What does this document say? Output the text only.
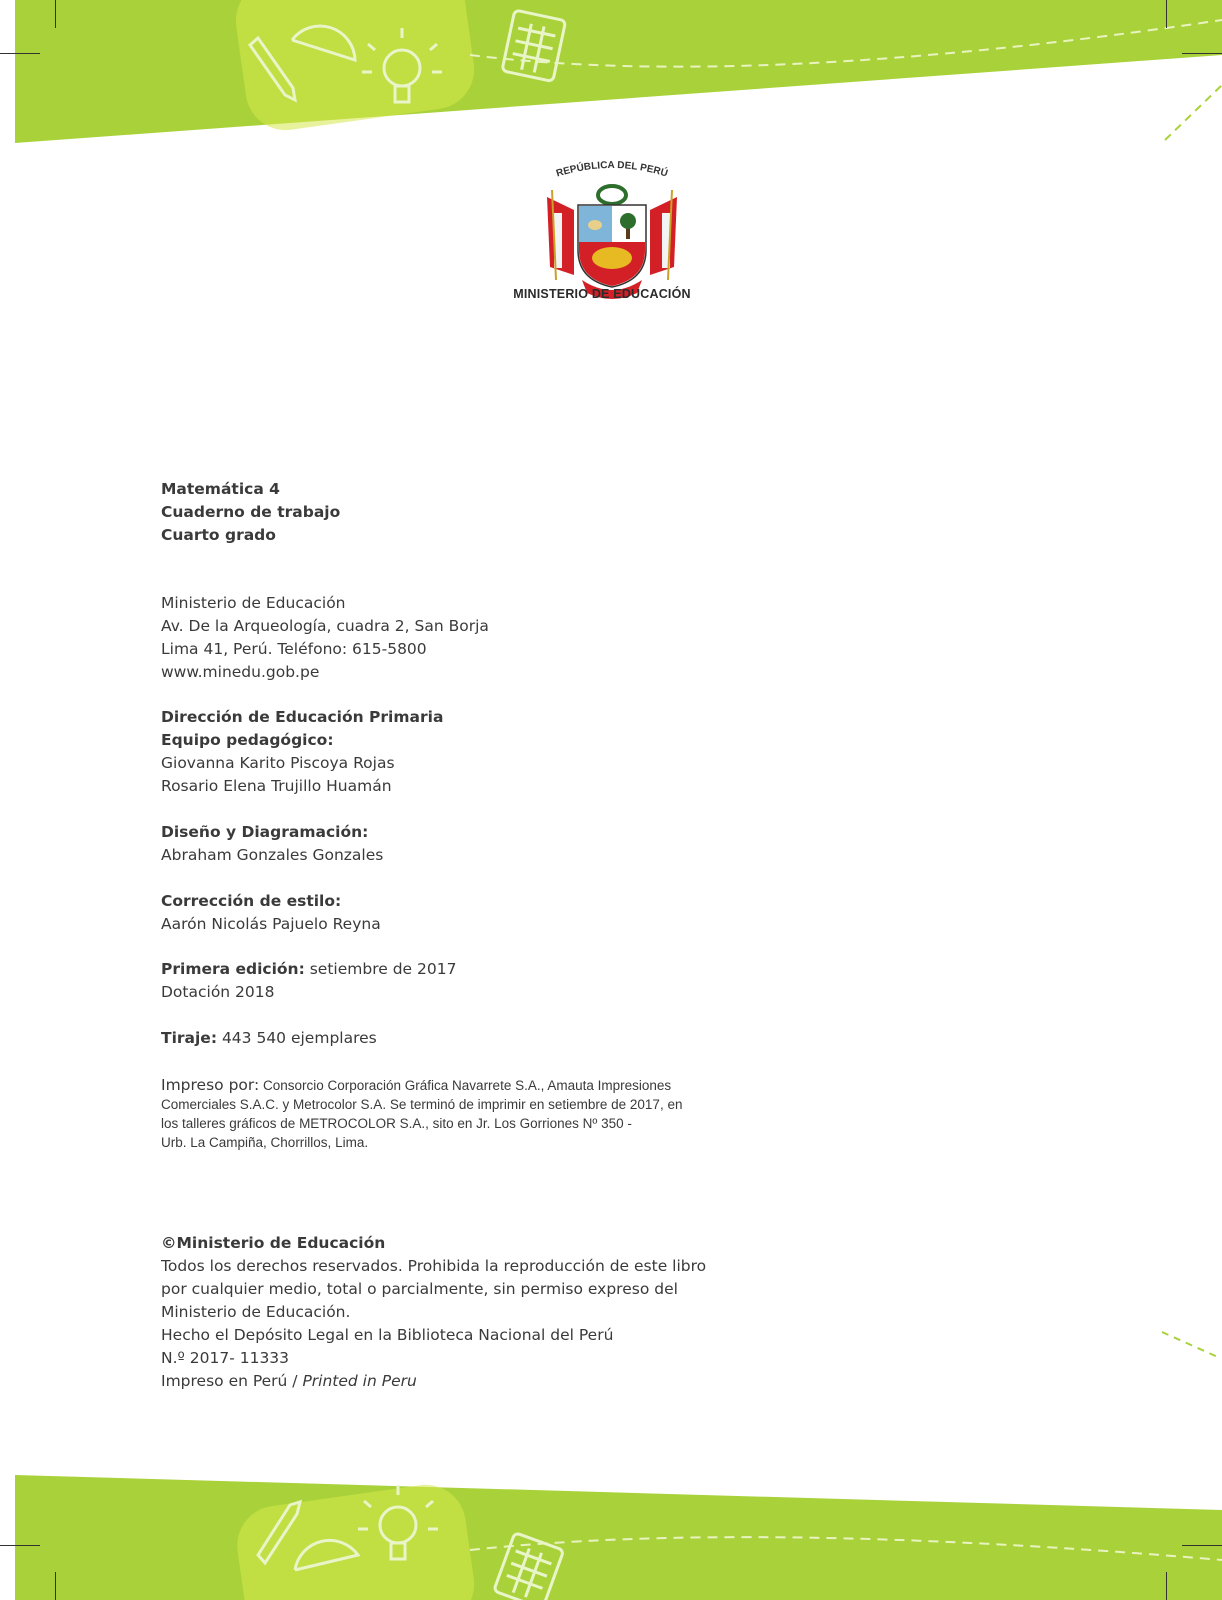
REPÚBLICA DEL PERÚ
MINISTERIO DE EDUCACIÓN
Matemática 4
Cuaderno de trabajo
Cuarto grado
Ministerio de Educación
Av. De la Arqueología, cuadra 2, San Borja
Lima 41, Perú. Teléfono: 615-5800
www.minedu.gob.pe
Dirección de Educación Primaria
Equipo pedagógico:
Giovanna Karito Piscoya Rojas
Rosario Elena Trujillo Huamán
Diseño y Diagramación:
Abraham Gonzales Gonzales
Corrección de estilo:
Aarón Nicolás Pajuelo Reyna
Primera edición: setiembre de 2017
Dotación 2018
Tiraje: 443 540 ejemplares
Impreso por: Consorcio Corporación Gráfica Navarrete S.A., Amauta Impresiones
Comerciales S.A.C. y Metrocolor S.A. Se terminó de imprimir en setiembre de 2017, en
los talleres gráficos de METROCOLOR S.A., sito en Jr. Los Gorriones Nº 350 -
Urb. La Campiña, Chorrillos, Lima.
©Ministerio de Educación
Todos los derechos reservados. Prohibida la reproducción de este libro por cualquier medio, total o parcialmente, sin permiso expreso del Ministerio de Educación.
Hecho el Depósito Legal en la Biblioteca Nacional del Perú
N.º 2017- 11333
Impreso en Perú / Printed in Peru
